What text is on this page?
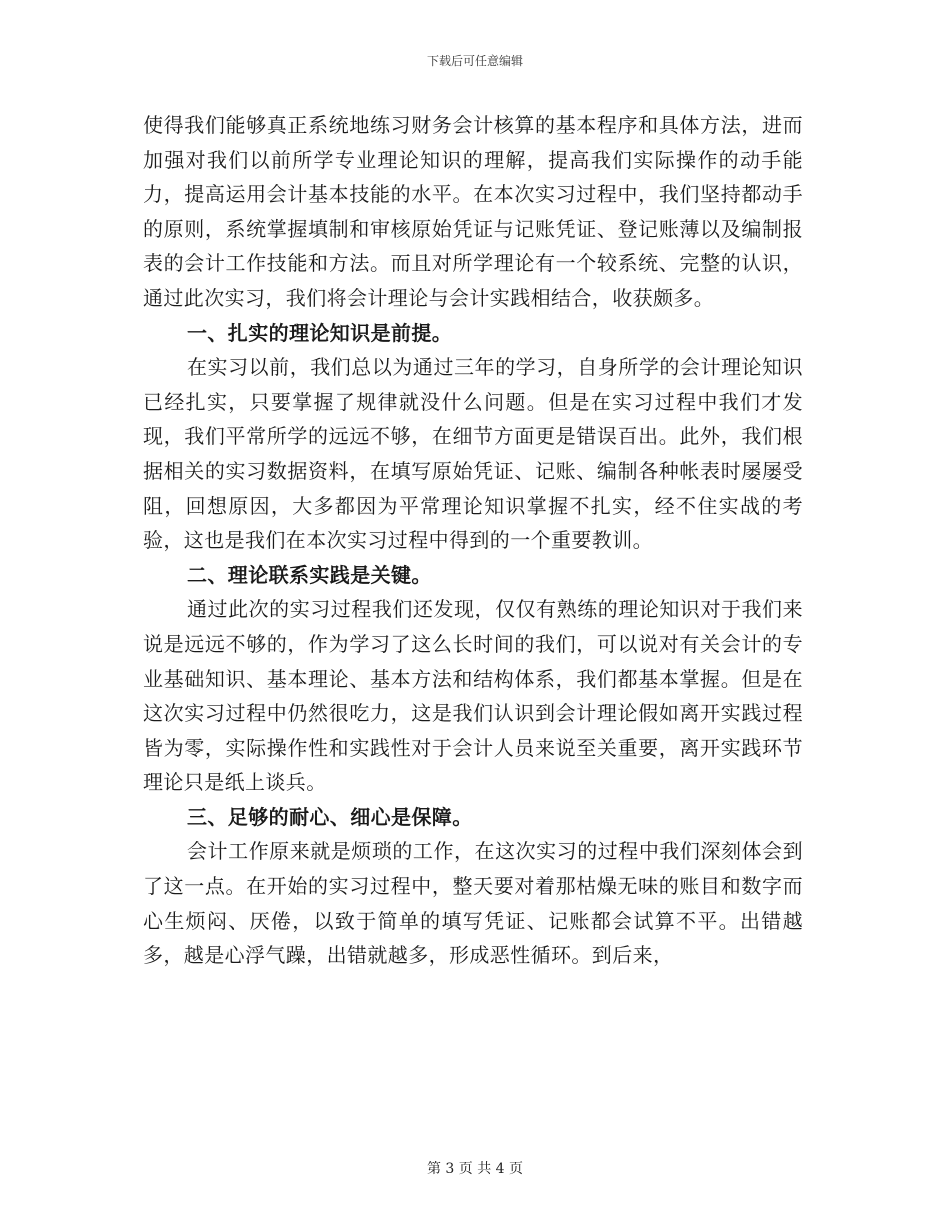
下载后可任意编辑

使得我们能够真正系统地练习财务会计核算的基本程序和具体方法，进而加强对我们以前所学专业理论知识的理解，提高我们实际操作的动手能力，提高运用会计基本技能的水平。在本次实习过程中，我们坚持都动手的原则，系统掌握填制和审核原始凭证与记账凭证、登记账薄以及编制报表的会计工作技能和方法。而且对所学理论有一个较系统、完整的认识，通过此次实习，我们将会计理论与会计实践相结合，收获颇多。

一、扎实的理论知识是前提。

在实习以前，我们总以为通过三年的学习，自身所学的会计理论知识已经扎实，只要掌握了规律就没什么问题。但是在实习过程中我们才发现，我们平常所学的远远不够，在细节方面更是错误百出。此外，我们根据相关的实习数据资料，在填写原始凭证、记账、编制各种帐表时屡屡受阻，回想原因，大多都因为平常理论知识掌握不扎实，经不住实战的考验，这也是我们在本次实习过程中得到的一个重要教训。

二、理论联系实践是关键。

通过此次的实习过程我们还发现，仅仅有熟练的理论知识对于我们来说是远远不够的，作为学习了这么长时间的我们，可以说对有关会计的专业基础知识、基本理论、基本方法和结构体系，我们都基本掌握。但是在这次实习过程中仍然很吃力，这是我们认识到会计理论假如离开实践过程皆为零，实际操作性和实践性对于会计人员来说至关重要，离开实践环节理论只是纸上谈兵。

三、足够的耐心、细心是保障。

会计工作原来就是烦琐的工作，在这次实习的过程中我们深刻体会到了这一点。在开始的实习过程中，整天要对着那枯燥无味的账目和数字而心生烦闷、厌倦，以致于简单的填写凭证、记账都会试算不平。出错越多，越是心浮气躁，出错就越多，形成恶性循环。到后来，

第 3 页 共 4 页
